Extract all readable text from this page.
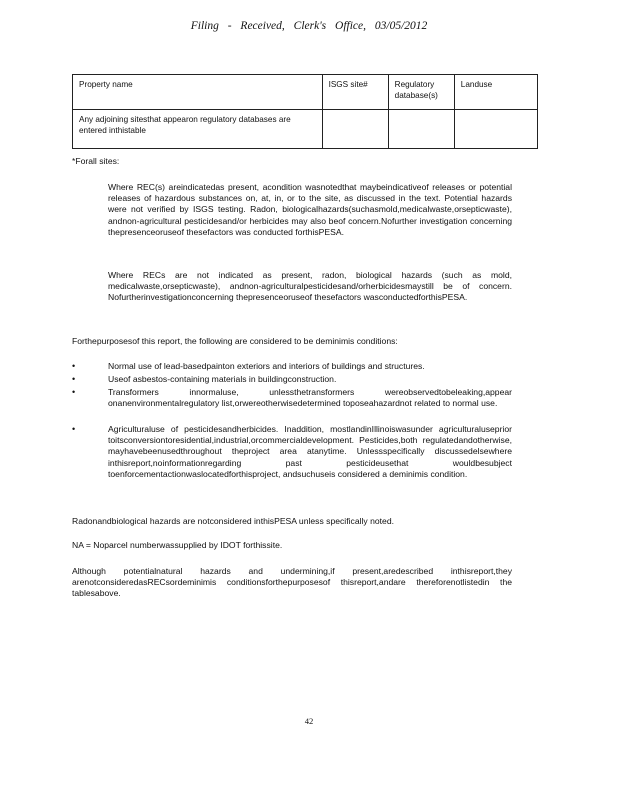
Filing - Received, Clerk's Office, 03/05/2012
Property name	ISGS site#	Regulatory database(s)	Landuse
Any adjoining sitesthat appearon regulatory databases are entered inthistable			
*Forall sites:
Where REC(s) areindicatedas present, acondition wasnotedthat maybeindicativeof releases or potential releases of hazardous substances on, at, in, or to the site, as discussed in the text. Potential hazards were not verified by ISGS testing. Radon, biologicalhazards(suchasmold,medicalwaste,orsepticwaste), andnon-agricultural pesticidesand/or herbicides may also beof concern.Nofurther investigation concerning thepresenceoruseof thesefactors was conducted forthisPESA.
Where RECs are not indicated as present, radon, biological hazards (such as mold, medicalwaste,orsepticwaste), andnon-agriculturalpesticidesand/orherbicidesmaystill be of concern. Nofurtherinvestigationconcerning thepresenceoruseof thesefactors wasconductedforthisPESA.
Forthepurposesof this report, the following are considered to be deminimis conditions:
•	Normal use of lead-basedpainton exteriors and interiors of buildings and structures.
•	Useof asbestos-containing materials in buildingconstruction.
•	Transformers innormaluse, unlessthetransformers wereobservedtobeleaking,appear onanenvironmentalregulatory list,orwereotherwisedetermined toposeahazardnot related to normal use.
•	Agriculturaluse of pesticidesandherbicides. Inaddition, mostlandinIllinoiswasunder agriculturaluseprior toitsconversiontoresidential,industrial,orcommercialdevelopment. Pesticides,both regulatedandotherwise, mayhavebeenusedthroughout theproject area atanytime. Unlessspecifically discussedelsewhere inthisreport,noinformationregarding past pesticideusethat wouldbesubject toenforcementactionwaslocatedforthisproject, andsuchuseis considered a deminimis condition.
Radonandbiological hazards are notconsidered inthisPESA unless specifically noted.
NA = Noparcel numberwassupplied by IDOT forthissite.
Although potentialnatural hazards and undermining,if present,aredescribed inthisreport,they arenotconsideredasRECsordeminimis conditionsforthepurposesof thisreport,andare thereforenotlistedin the tablesabove.
42
